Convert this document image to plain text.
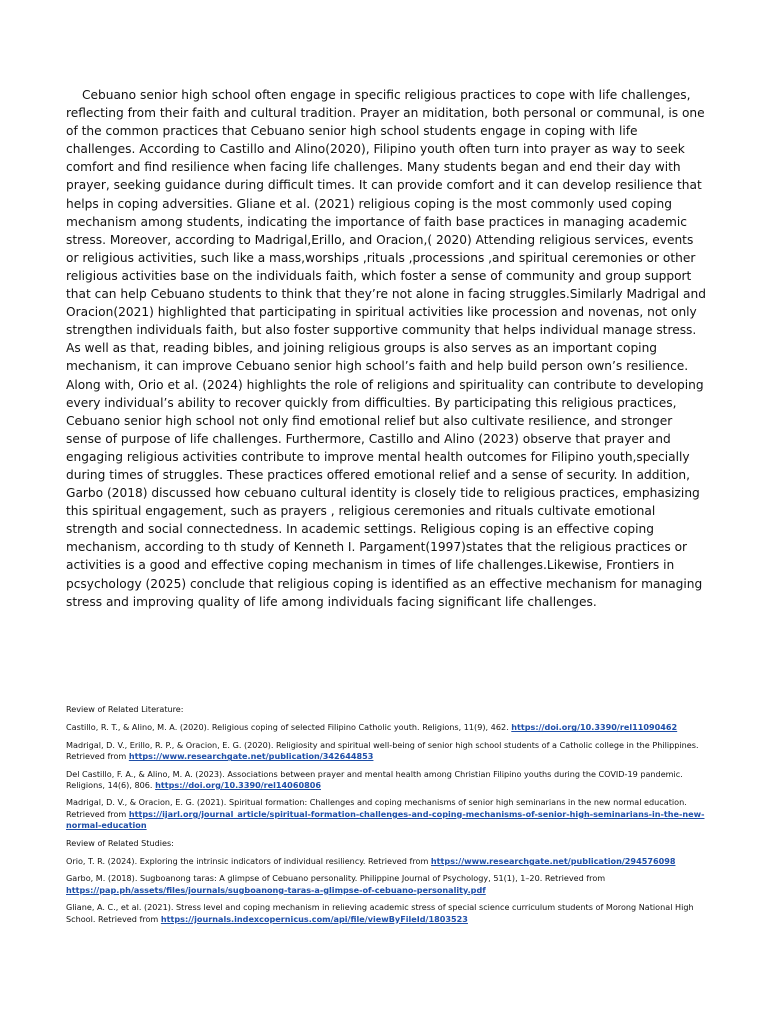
Cebuano senior high school often engage in specific religious practices to cope with life challenges, reflecting from their faith and cultural tradition. Prayer an miditation, both personal or communal, is one of the common practices that Cebuano senior high school students engage in coping with life challenges. According to Castillo and Alino(2020), Filipino youth often turn into prayer as way to seek comfort and find resilience when facing life challenges. Many students began and end their day with prayer, seeking guidance during difficult times. It can provide comfort and it can develop resilience that helps in coping adversities. Gliane et al. (2021) religious coping is the most commonly used coping mechanism among students, indicating the importance of faith base practices in managing academic stress. Moreover, according to Madrigal,Erillo, and Oracion,( 2020) Attending religious services, events or religious activities, such like a mass,worships ,rituals ,processions ,and spiritual ceremonies or other religious activities base on the individuals faith, which foster a sense of community and group support that can help Cebuano students to think that they’re not alone in facing struggles.Similarly Madrigal and Oracion(2021) highlighted that participating in spiritual activities like procession and novenas, not only strengthen individuals faith, but also foster supportive community that helps individual manage stress. As well as that, reading bibles, and joining religious groups is also serves as an important coping mechanism, it can improve Cebuano senior high school’s faith and help build person own’s resilience. Along with, Orio et al. (2024) highlights the role of religions and spirituality can contribute to developing every individual’s ability to recover quickly from difficulties. By participating this religious practices, Cebuano senior high school not only find emotional relief but also cultivate resilience, and stronger sense of purpose of life challenges. Furthermore, Castillo and Alino (2023) observe that prayer and engaging religious activities contribute to improve mental health outcomes for Filipino youth,specially during times of struggles. These practices offered emotional relief and a sense of security. In addition, Garbo (2018) discussed how cebuano cultural identity is closely tide to religious practices, emphasizing this spiritual engagement, such as prayers , religious ceremonies and rituals cultivate emotional strength and social connectedness. In academic settings. Religious coping is an effective coping mechanism, according to th study of Kenneth I. Pargament(1997)states that the religious practices or activities is a good and effective coping mechanism in times of life challenges.Likewise, Frontiers in pcsychology (2025) conclude that religious coping is identified as an effective mechanism for managing stress and improving quality of life among individuals facing significant life challenges.

Review of Related Literature:

Castillo, R. T., & Alino, M. A. (2020). Religious coping of selected Filipino Catholic youth. Religions, 11(9), 462. https://doi.org/10.3390/rel11090462

Madrigal, D. V., Erillo, R. P., & Oracion, E. G. (2020). Religiosity and spiritual well-being of senior high school students of a Catholic college in the Philippines. Retrieved from https://www.researchgate.net/publication/342644853

Del Castillo, F. A., & Alino, M. A. (2023). Associations between prayer and mental health among Christian Filipino youths during the COVID-19 pandemic. Religions, 14(6), 806. https://doi.org/10.3390/rel14060806

Madrigal, D. V., & Oracion, E. G. (2021). Spiritual formation: Challenges and coping mechanisms of senior high seminarians in the new normal education. Retrieved from https://ijarl.org/journal_article/spiritual-formation-challenges-and-coping-mechanisms-of-senior-high-seminarians-in-the-new-normal-education

Review of Related Studies:

Orio, T. R. (2024). Exploring the intrinsic indicators of individual resiliency. Retrieved from https://www.researchgate.net/publication/294576098

Garbo, M. (2018). Sugboanong taras: A glimpse of Cebuano personality. Philippine Journal of Psychology, 51(1), 1–20. Retrieved from https://pap.ph/assets/files/journals/sugboanong-taras-a-glimpse-of-cebuano-personality.pdf

Gliane, A. C., et al. (2021). Stress level and coping mechanism in relieving academic stress of special science curriculum students of Morong National High School. Retrieved from https://journals.indexcopernicus.com/api/file/viewByFileId/1803523
